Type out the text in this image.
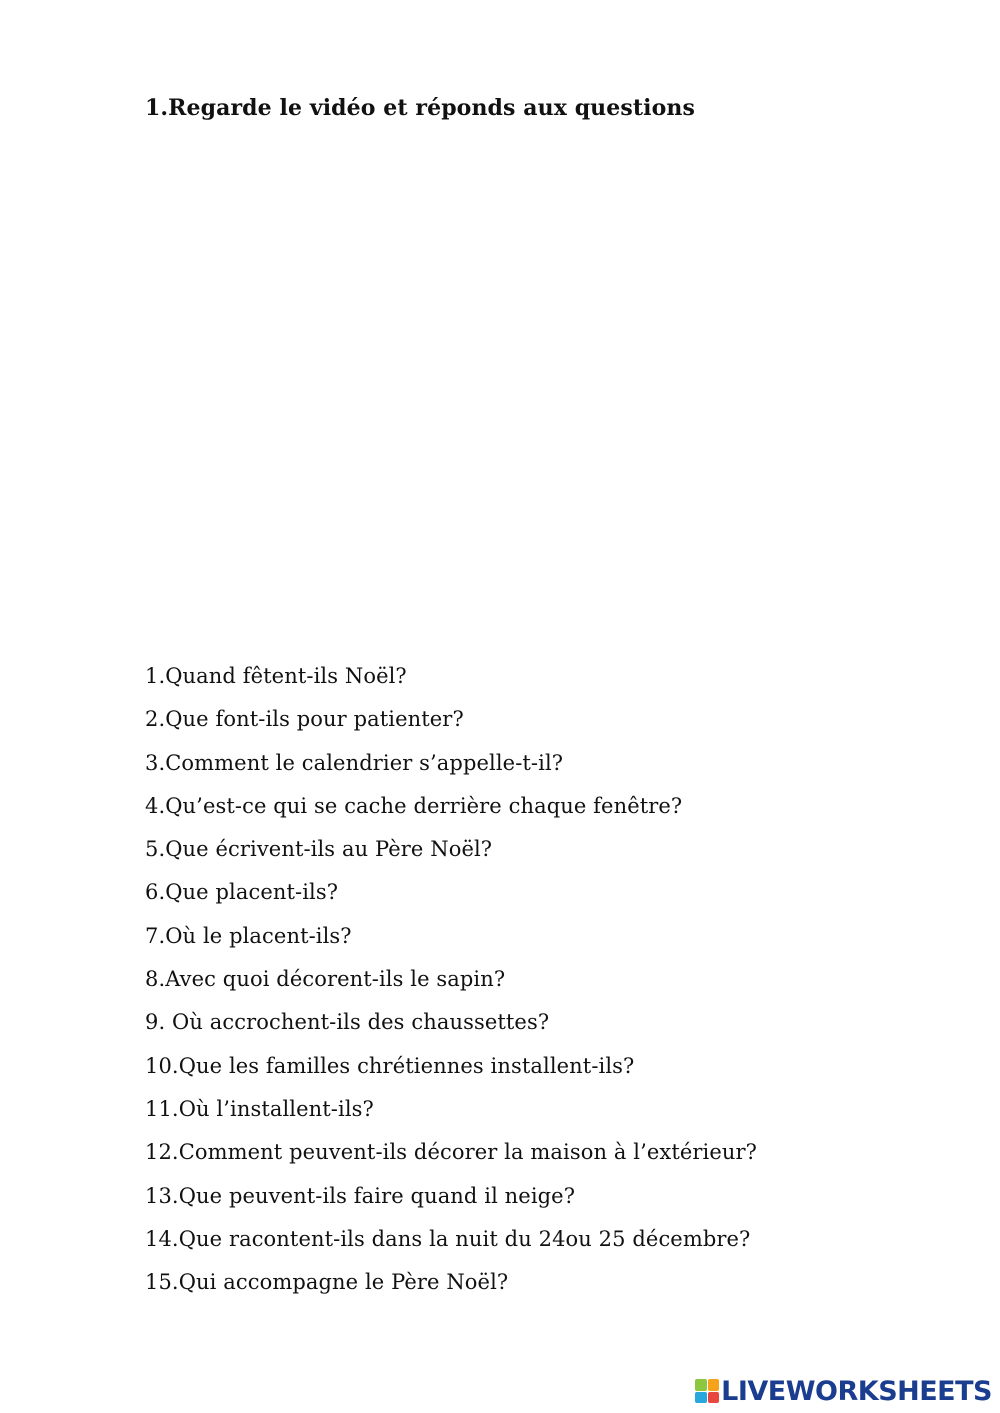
1.Regarde le vidéo et réponds aux questions
1.Quand fêtent-ils Noël?
2.Que font-ils pour patienter?
3.Comment le calendrier s’appelle-t-il?
4.Qu’est-ce qui se cache derrière chaque fenêtre?
5.Que écrivent-ils au Père Noël?
6.Que placent-ils?
7.Où le placent-ils?
8.Avec quoi décorent-ils le sapin?
9. Où accrochent-ils des chaussettes?
10.Que les familles chrétiennes installent-ils?
11.Où l’installent-ils?
12.Comment peuvent-ils décorer la maison à l’extérieur?
13.Que peuvent-ils faire quand il neige?
14.Que racontent-ils dans la nuit du 24ou 25 décembre?
15.Qui accompagne le Père Noël?
LIVEWORKSHEETS
